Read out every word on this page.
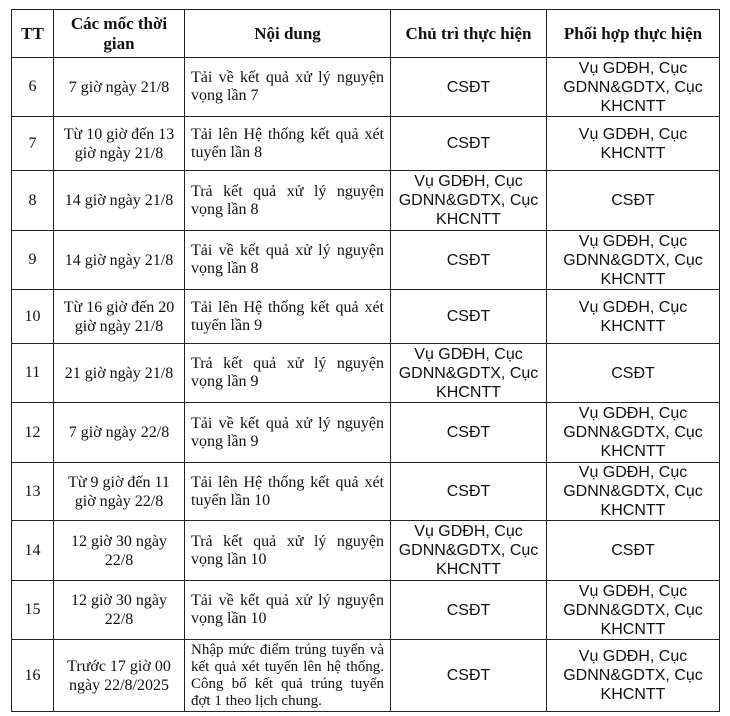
TT	Các mốc thời gian	Nội dung	Chủ trì thực hiện	Phối hợp thực hiện
6	7 giờ ngày 21/8	Tải về kết quả xử lý nguyện vọng lần 7	CSĐT	Vụ GDĐH, Cục GDNN&GDTX, Cục KHCNTT
7	Từ 10 giờ đến 13 giờ ngày 21/8	Tải lên Hệ thống kết quả xét tuyển lần 8	CSĐT	Vụ GDĐH, Cục KHCNTT
8	14 giờ ngày 21/8	Trả kết quả xử lý nguyện vọng lần 8	Vụ GDĐH, Cục GDNN&GDTX, Cục KHCNTT	CSĐT
9	14 giờ ngày 21/8	Tải về kết quả xử lý nguyện vọng lần 8	CSĐT	Vụ GDĐH, Cục GDNN&GDTX, Cục KHCNTT
10	Từ 16 giờ đến 20 giờ ngày 21/8	Tải lên Hệ thống kết quả xét tuyển lần 9	CSĐT	Vụ GDĐH, Cục KHCNTT
11	21 giờ ngày 21/8	Trả kết quả xử lý nguyện vọng lần 9	Vụ GDĐH, Cục GDNN&GDTX, Cục KHCNTT	CSĐT
12	7 giờ ngày 22/8	Tải về kết quả xử lý nguyện vọng lần 9	CSĐT	Vụ GDĐH, Cục GDNN&GDTX, Cục KHCNTT
13	Từ 9 giờ đến 11 giờ ngày 22/8	Tải lên Hệ thống kết quả xét tuyển lần 10	CSĐT	Vụ GDĐH, Cục GDNN&GDTX, Cục KHCNTT
14	12 giờ 30 ngày 22/8	Trả kết quả xử lý nguyện vọng lần 10	Vụ GDĐH, Cục GDNN&GDTX, Cục KHCNTT	CSĐT
15	12 giờ 30 ngày 22/8	Tải về kết quả xử lý nguyện vọng lần 10	CSĐT	Vụ GDĐH, Cục GDNN&GDTX, Cục KHCNTT
16	Trước 17 giờ 00 ngày 22/8/2025	Nhập mức điểm trúng tuyển và kết quả xét tuyển lên hệ thống. Công bố kết quả trúng tuyển đợt 1 theo lịch chung.	CSĐT	Vụ GDĐH, Cục GDNN&GDTX, Cục KHCNTT
